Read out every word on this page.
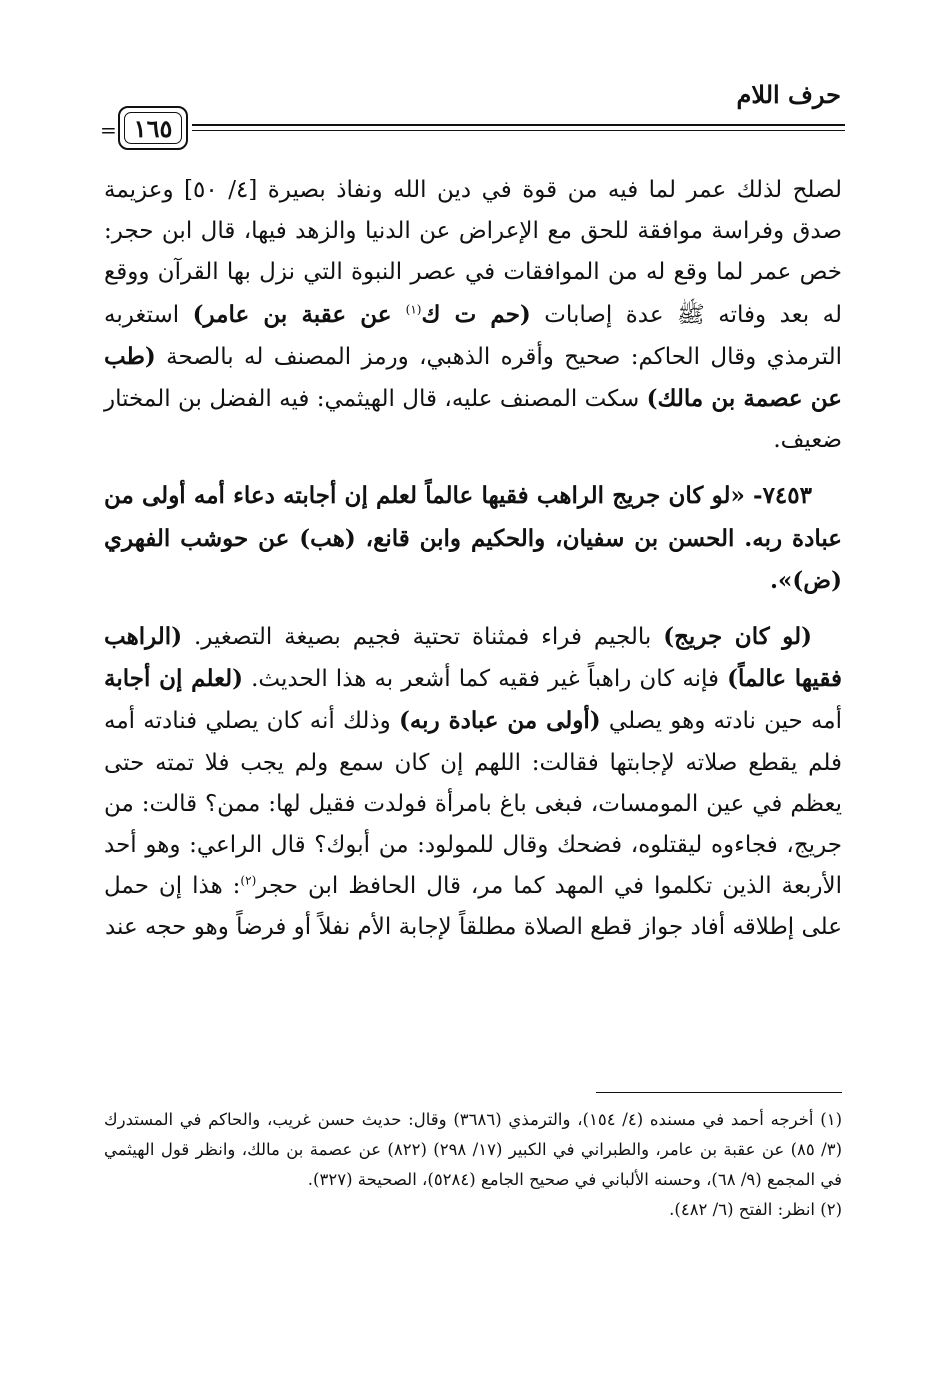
حرف اللام
= ١٦٥

لصلح لذلك عمر لما فيه من قوة في دين الله ونفاذ بصيرة [٤/ ٥٠] وعزيمة صدق وفراسة موافقة للحق مع الإعراض عن الدنيا والزهد فيها، قال ابن حجر: خص عمر لما وقع له من الموافقات في عصر النبوة التي نزل بها القرآن ووقع له بعد وفاته ﷺ عدة إصابات (حم ت ك$^{(١)}$ عن عقبة بن عامر) استغربه الترمذي وقال الحاكم: صحيح وأقره الذهبي، ورمز المصنف له بالصحة (طب عن عصمة بن مالك) سكت المصنف عليه، قال الهيثمي: فيه الفضل بن المختار ضعيف.

٧٤٥٣- «لو كان جريج الراهب فقيها عالماً لعلم إن أجابته دعاء أمه أولى من عبادة ربه. الحسن بن سفيان، والحكيم وابن قانع، (هب) عن حوشب الفهري (ض)».

(لو كان جريج) بالجيم فراء فمثناة تحتية فجيم بصيغة التصغير. (الراهب فقيها عالماً) فإنه كان راهباً غير فقيه كما أشعر به هذا الحديث. (لعلم إن أجابة أمه حين نادته وهو يصلي (أولى من عبادة ربه) وذلك أنه كان يصلي فنادته أمه فلم يقطع صلاته لإجابتها فقالت: اللهم إن كان سمع ولم يجب فلا تمته حتى يعظم في عين المومسات، فبغى باغ بامرأة فولدت فقيل لها: ممن؟ قالت: من جريج، فجاءوه ليقتلوه، فضحك وقال للمولود: من أبوك؟ قال الراعي: وهو أحد الأربعة الذين تكلموا في المهد كما مر، قال الحافظ ابن حجر$^{(٢)}$: هذا إن حمل على إطلاقه أفاد جواز قطع الصلاة مطلقاً لإجابة الأم نفلاً أو فرضاً وهو حجه عند

(١) أخرجه أحمد في مسنده (٤/ ١٥٤)، والترمذي (٣٦٨٦) وقال: حديث حسن غريب، والحاكم في المستدرك (٣/ ٨٥) عن عقبة بن عامر، والطبراني في الكبير (١٧/ ٢٩٨) (٨٢٢) عن عصمة بن مالك، وانظر قول الهيثمي في المجمع (٩/ ٦٨)، وحسنه الألباني في صحيح الجامع (٥٢٨٤)، الصحيحة (٣٢٧).

(٢) انظر: الفتح (٦/ ٤٨٢).
